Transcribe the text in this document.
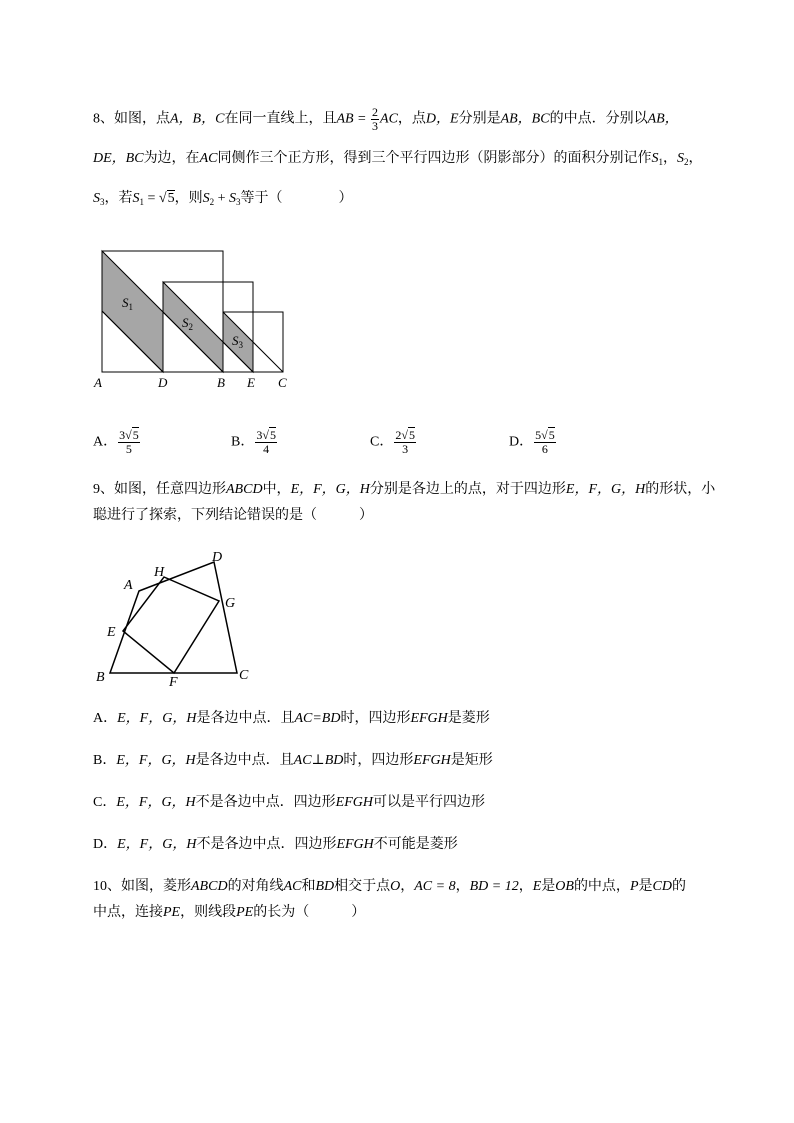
8、如图，点A，B，C在同一直线上，且AB = $\frac{2}{3}$ AC，点D，E分别是AB，BC的中点．分别以AB，
DE，BC为边，在AC同侧作三个正方形，得到三个平行四边形（阴影部分）的面积分别记作$S_1$，$S_2$，
$S_3$，若$S_1 = √5$，则$S_2 + S_3$等于（　　　　）
A	D	B E C
$S_1$
$S_2$
$S_3$
A． $\frac{3√5}{5}$	B． $\frac{3√5}{4}$	C． $\frac{2√5}{3}$	D． $\frac{5√5}{6}$
9、如图，任意四边形ABCD中，E，F，G，H分别是各边上的点，对于四边形E，F，G，H的形状，小
聪进行了探索，下列结论错误的是（　　　）
A
H
D
G
E
B	F	C
A．E，F，G，H是各边中点．且AC=BD时，四边形EFGH是菱形
B．E，F，G，H是各边中点．且AC⊥BD时，四边形EFGH是矩形
C．E，F，G，H不是各边中点．四边形EFGH可以是平行四边形
D．E，F，G，H不是各边中点．四边形EFGH不可能是菱形
10、如图，菱形ABCD的对角线AC和BD相交于点O，AC = 8，BD = 12，E是OB的中点，P是CD的
中点，连接PE，则线段PE的长为（　　　）
